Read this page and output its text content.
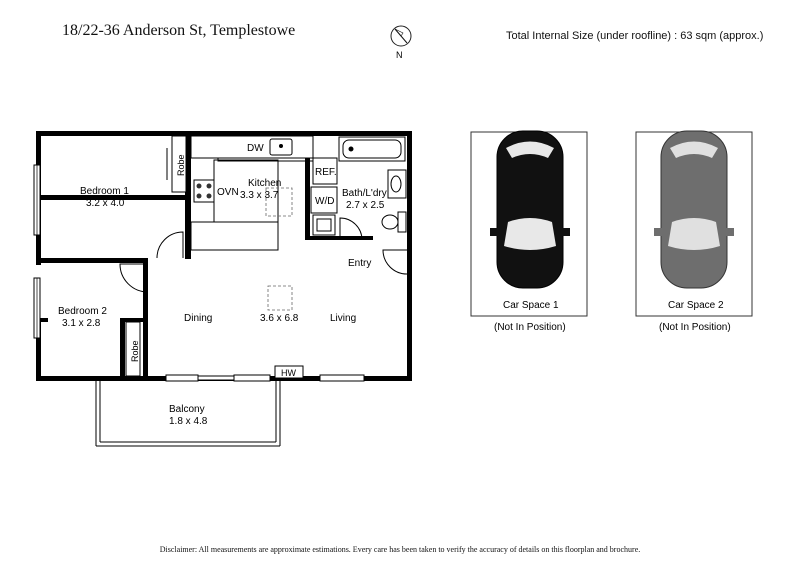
18/22-36 Anderson St, Templestowe	Total Internal Size (under roofline) : 63 sqm (approx.)
N
Robe
Robe
Bedroom 1
3.2 x 4.0
Bedroom 2
3.1 x 2.8
Kitchen
3.3 x 3.7	Bath/L'dry
2.7 x 2.5
Dining	3.6 x 6.8	Living
Entry
Balcony
1.8 x 4.8
DW
OVN
REF.
W/D
HW
Car Space 1
(Not In Position)
Car Space 2
(Not In Position)
Disclaimer: All measurements are approximate estimations. Every care has been taken to verify the accuracy of details on this floorplan and brochure.
